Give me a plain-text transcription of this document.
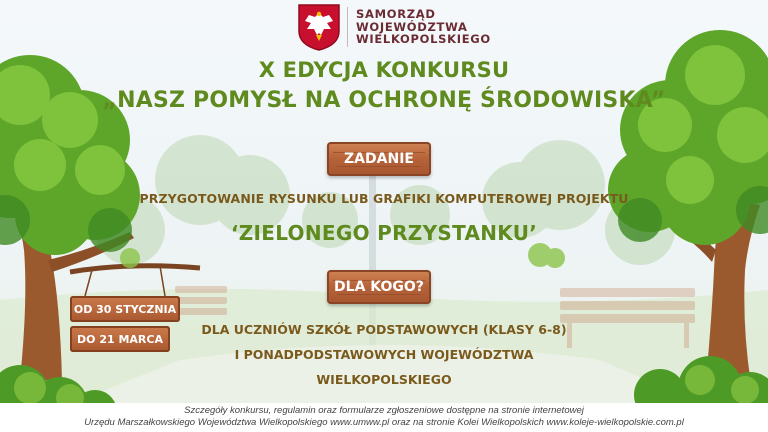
SAMORZĄD
WOJEWÓDZTWA
WIELKOPOLSKIEGO
X EDYCJA KONKURSU
„NASZ POMYSŁ NA OCHRONĘ ŚRODOWISKA”
ZADANIE
PRZYGOTOWANIE RYSUNKU LUB GRAFIKI KOMPUTEROWEJ PROJEKTU
‘ZIELONEGO PRZYSTANKU’
DLA KOGO?
DLA UCZNIÓW SZKÓŁ PODSTAWOWYCH (KLASY 6-8)
I PONADPODSTAWOWYCH WOJEWÓDZTWA
WIELKOPOLSKIEGO
OD 30 STYCZNIA
DO 21 MARCA
Szczegóły konkursu, regulamin oraz formularze zgłoszeniowe dostępne na stronie internetowej
Urzędu Marszałkowskiego Województwa Wielkopolskiego www.umww.pl oraz na stronie Kolei Wielkopolskich www.koleje-wielkopolskie.com.pl
